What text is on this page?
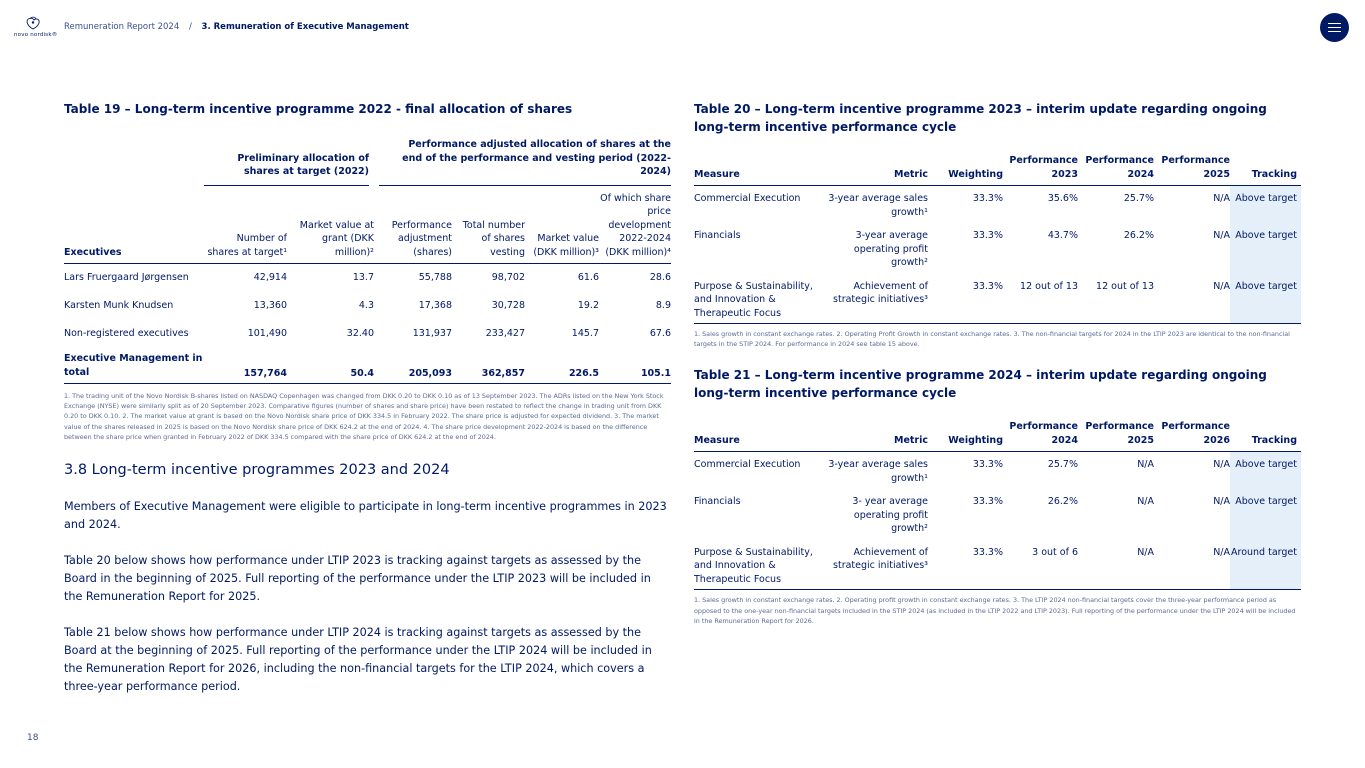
novo nordisk®
Remuneration Report 2024 / 3. Remuneration of Executive Management
Table 19 – Long-term incentive programme 2022 - final allocation of shares
	Preliminary allocation of shares at target (2022)		Performance adjusted allocation of shares at the end of the performance and vesting period (2022-2024)			
Executives	Number of shares at target¹	Market value at grant (DKK million)²	Performance adjustment (shares)	Total number of shares vesting	Market value (DKK million)³	Of which share price development 2022-2024 (DKK million)⁴
Lars Fruergaard Jørgensen	42,914	13.7	55,788	98,702	61.6	28.6
Karsten Munk Knudsen	13,360	4.3	17,368	30,728	19.2	8.9
Non-registered executives	101,490	32.40	131,937	233,427	145.7	67.6
Executive Management in total	157,764	50.4	205,093	362,857	226.5	105.1

1. The trading unit of the Novo Nordisk B-shares listed on NASDAQ Copenhagen was changed from DKK 0.20 to DKK 0.10 as of 13 September 2023. The ADRs listed on the New York Stock Exchange (NYSE) were similarly split as of 20 September 2023. Comparative figures (number of shares and share price) have been restated to reflect the change in trading unit from DKK 0.20 to DKK 0.10. 2. The market value at grant is based on the Novo Nordisk share price of DKK 334.5 in February 2022. The share price is adjusted for expected dividend. 3. The market value of the shares released in 2025 is based on the Novo Nordisk share price of DKK 624.2 at the end of 2024. 4. The share price development 2022-2024 is based on the difference between the share price when granted in February 2022 of DKK 334.5 compared with the share price of DKK 624.2 at the end of 2024.

3.8 Long-term incentive programmes 2023 and 2024

Members of Executive Management were eligible to participate in long-term incentive programmes in 2023 and 2024.

Table 20 below shows how performance under LTIP 2023 is tracking against targets as assessed by the Board in the beginning of 2025. Full reporting of the performance under the LTIP 2023 will be included in the Remuneration Report for 2025.

Table 21 below shows how performance under LTIP 2024 is tracking against targets as assessed by the Board at the beginning of 2025. Full reporting of the performance under the LTIP 2024 will be included in the Remuneration Report for 2026, including the non-financial targets for the LTIP 2024, which covers a three-year performance period.

Table 20 – Long-term incentive programme 2023 – interim update regarding ongoing long-term incentive performance cycle
Measure	Metric	Weighting	Performance 2023	Performance 2024	Performance 2025	Tracking
Commercial Execution	3-year average sales growth¹	33.3%	35.6%	25.7%	N/A	Above target
Financials	3-year average operating profit growth²	33.3%	43.7%	26.2%	N/A	Above target
Purpose & Sustainability, and Innovation & Therapeutic Focus	Achievement of strategic initiatives³	33.3%	12 out of 13	12 out of 13	N/A	Above target

1. Sales growth in constant exchange rates. 2. Operating Profit Growth in constant exchange rates. 3. The non-financial targets for 2024 in the LTIP 2023 are identical to the non-financial targets in the STIP 2024. For performance in 2024 see table 15 above.

Table 21 – Long-term incentive programme 2024 – interim update regarding ongoing long-term incentive performance cycle
Measure	Metric	Weighting	Performance 2024	Performance 2025	Performance 2026	Tracking
Commercial Execution	3-year average sales growth¹	33.3%	25.7%	N/A	N/A	Above target
Financials	3- year average operating profit growth²	33.3%	26.2%	N/A	N/A	Above target
Purpose & Sustainability, and Innovation & Therapeutic Focus	Achievement of strategic initiatives³	33.3%	3 out of 6	N/A	N/A	Around target

1. Sales growth in constant exchange rates. 2. Operating profit growth in constant exchange rates. 3. The LTIP 2024 non-financial targets cover the three-year performance period as opposed to the one-year non-financial targets included in the STIP 2024 (as included in the LTIP 2022 and LTIP 2023). Full reporting of the performance under the LTIP 2024 will be included in the Remuneration Report for 2026.

18
